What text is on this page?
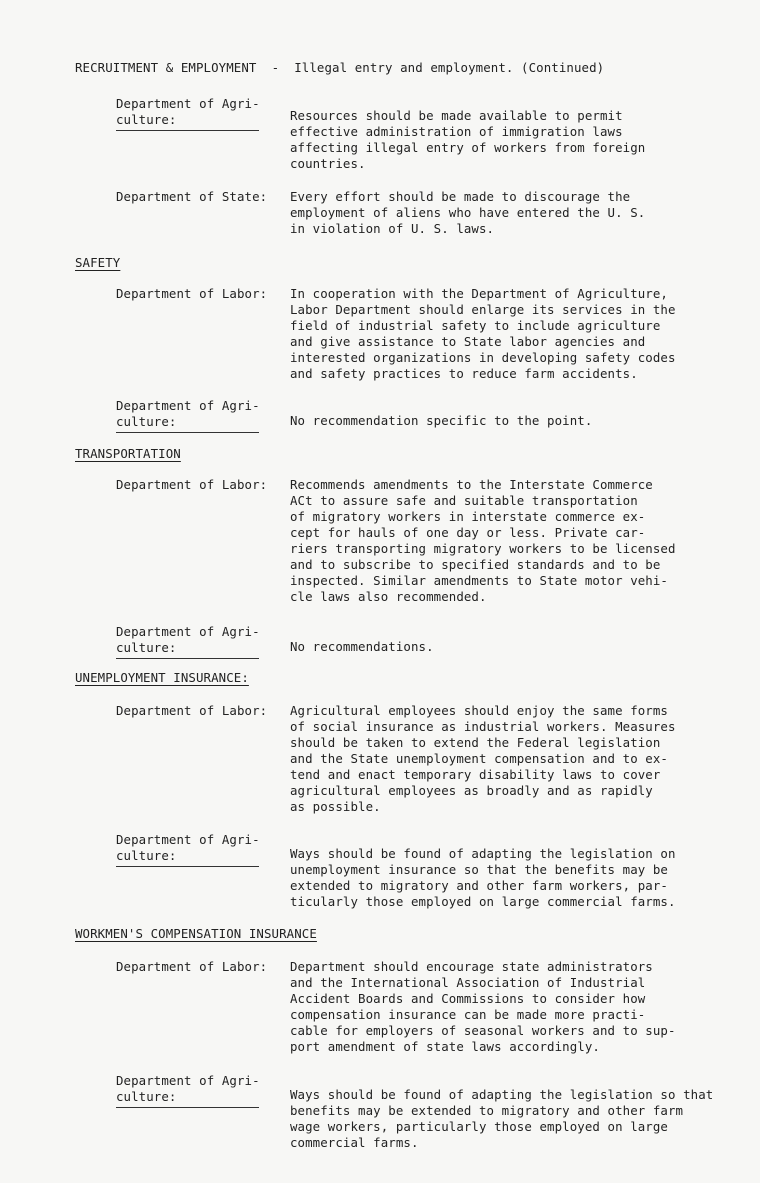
RECRUITMENT & EMPLOYMENT -  Illegal entry and employment. (Continued)
Department of Agri-
culture:	Resources should be made available to permit
effective administration of immigration laws
affecting illegal entry of workers from foreign
countries.
Department of State: Every effort should be made to discourage the
employment of aliens who have entered the U. S.
in violation of U. S. laws.
SAFETY
Department of Labor: In cooperation with the Department of Agriculture,
Labor Department should enlarge its services in the
field of industrial safety to include agriculture
and give assistance to State labor agencies and
interested organizations in developing safety codes
and safety practices to reduce farm accidents.
Department of Agri-
culture:	No recommendation specific to the point.
TRANSPORTATION
Department of Labor: Recommends amendments to the Interstate Commerce
ACt to assure safe and suitable transportation
of migratory workers in interstate commerce ex-
cept for hauls of one day or less. Private car-
riers transporting migratory workers to be licensed
and to subscribe to specified standards and to be
inspected. Similar amendments to State motor vehi-
cle laws also recommended.
Department of Agri-
culture:	No recommendations.
UNEMPLOYMENT INSURANCE:
Department of Labor: Agricultural employees should enjoy the same forms
of social insurance as industrial workers. Measures
should be taken to extend the Federal legislation
and the State unemployment compensation and to ex-
tend and enact temporary disability laws to cover
agricultural employees as broadly and as rapidly
as possible.
Department of Agri-
culture:	Ways should be found of adapting the legislation on
unemployment insurance so that the benefits may be
extended to migratory and other farm workers, par-
ticularly those employed on large commercial farms.
WORKMEN'S COMPENSATION INSURANCE
Department of Labor: Department should encourage state administrators
and the International Association of Industrial
Accident Boards and Commissions to consider how
compensation insurance can be made more practi-
cable for employers of seasonal workers and to sup-
port amendment of state laws accordingly.
Department of Agri-
culture:	Ways should be found of adapting the legislation so that
benefits may be extended to migratory and other farm
wage workers, particularly those employed on large
commercial farms.
